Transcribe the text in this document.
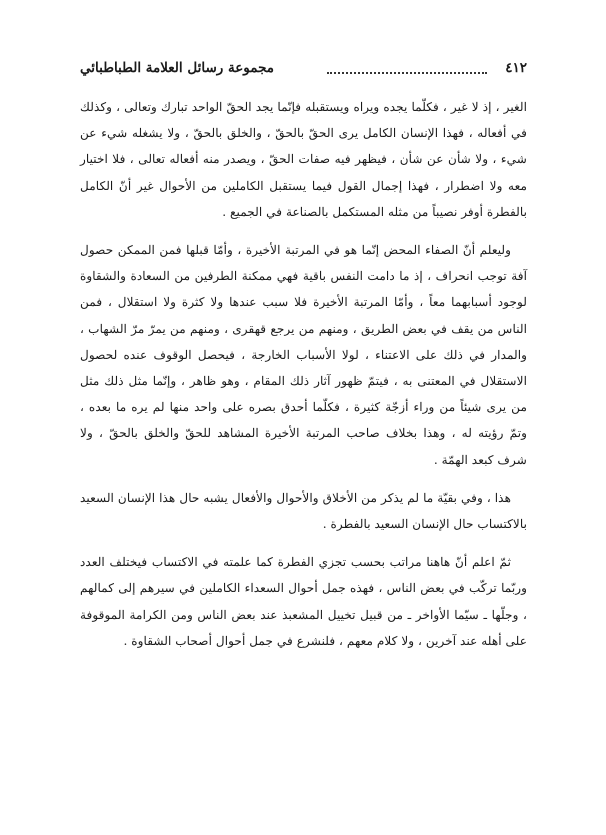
٤١٢
مجموعة رسائل العلامة الطباطبائي

الغير ، إذ لا غير ، فكلّما يجده ويراه ويستقبله فإنّما يجد الحقّ الواحد تبارك وتعالى ، وكذلك في أفعاله ، فهذا الإنسان الكامل يرى الحقّ بالحقّ ، والخلق بالحقّ ، ولا يشغله شيء عن شيء ، ولا شأن عن شأن ، فيظهر فيه صفات الحقّ ، ويصدر منه أفعاله تعالى ، فلا اختيار معه ولا اضطرار ، فهذا إجمال القول فيما يستقبل الكاملين من الأحوال غير أنّ الكامل بالفطرة أوفر نصيباً من مثله المستكمل بالصناعة في الجميع .

وليعلم أنّ الصفاء المحض إنّما هو في المرتبة الأخيرة ، وأمّا قبلها فمن الممكن حصول آفة توجب انحراف ، إذ ما دامت النفس باقية فهي ممكنة الطرفين من السعادة والشقاوة لوجود أسبابهما معاً ، وأمّا المرتبة الأخيرة فلا سبب عندها ولا كثرة ولا استقلال ، فمن الناس من يقف في بعض الطريق ، ومنهم من يرجع قهقرى ، ومنهم من يمرّ مرّ الشهاب ، والمدار في ذلك على الاعتناء ، لولا الأسباب الخارجة ، فيحصل الوقوف عنده لحصول الاستقلال في المعتنى به ، فيتمّ ظهور آثار ذلك المقام ، وهو ظاهر ، وإنّما مثل ذلك مثل من يرى شيئاً من وراء أزجّة كثيرة ، فكلّما أحدق بصره على واحد منها لم يره ما بعده ، وتمّ رؤيته له ، وهذا بخلاف صاحب المرتبة الأخيرة المشاهد للحقّ والخلق بالحقّ ، ولا شرف كبعد الهمّة .

هذا ، وفي بقيّة ما لم يذكر من الأخلاق والأحوال والأفعال يشبه حال هذا الإنسان السعيد بالاكتساب حال الإنسان السعيد بالفطرة .

ثمّ اعلم أنّ هاهنا مراتب بحسب تجزي الفطرة كما علمته في الاكتساب فيختلف العدد وربّما تركّب في بعض الناس ، فهذه جمل أحوال السعداء الكاملين في سيرهم إلى كمالهم ، وجلّها ـ سيّما الأواخر ـ من قبيل تخييل المشعبذ عند بعض الناس ومن الكرامة الموقوفة على أهله عند آخرين ، ولا كلام معهم ، فلنشرع في جمل أحوال أصحاب الشقاوة .
